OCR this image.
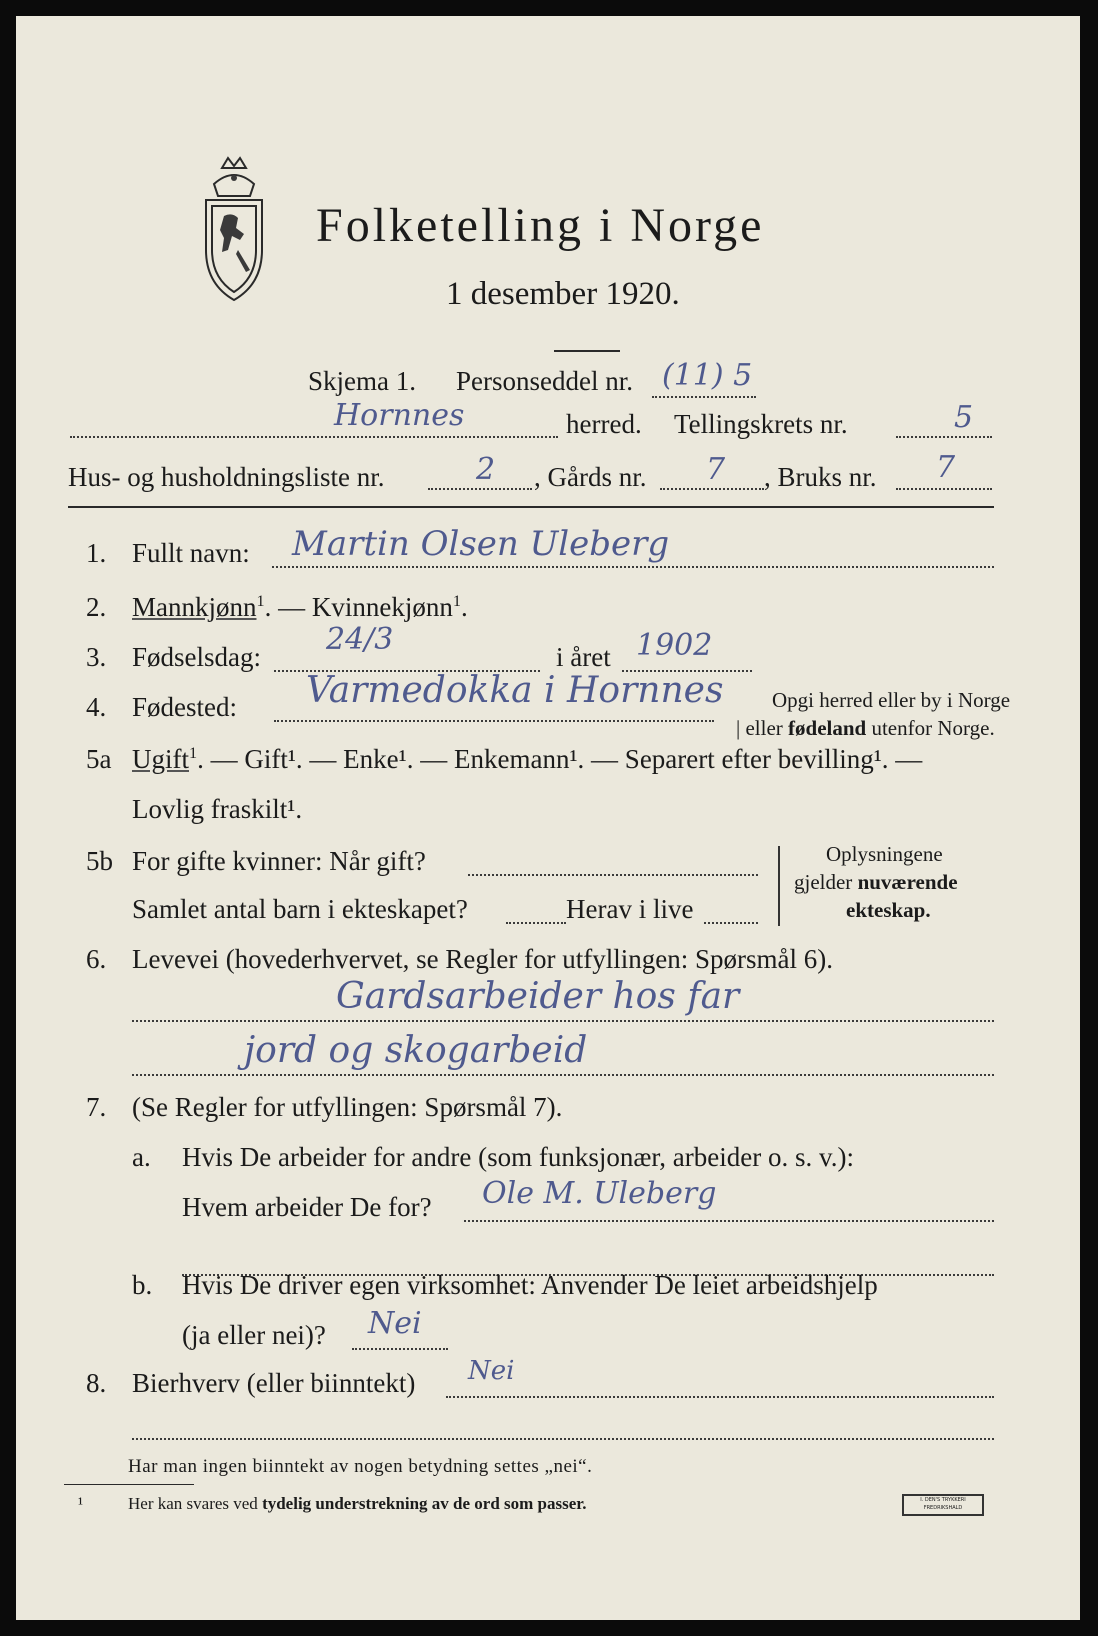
Folketelling i Norge
1 desember 1920.
Skjema 1. Personseddel nr. (11) 5
Hornnes	herred. Tellingskrets nr.	5
Hus- og husholdningsliste nr.	2 , Gårds nr. 7 , Bruks nr. 7
1. Fullt navn: Martin Olsen Uleberg
2. Mannkjønn$^1$. — Kvinnekjønn$^1$.
3. Fødselsdag: 24/3	i året 1902
4. Fødested: Varmedokka i Hornnes Opgi herred eller by i Norge
| eller fødeland utenfor Norge.
5a Ugift$^1$. — Gift¹. — Enke¹. — Enkemann¹. — Separert efter bevilling¹. —
Lovlig fraskilt¹.
5b For gifte kvinner: Når gift?
Samlet antal barn i ekteskapet?	Herav i live
Oplysningene
gjelder nuværende
ekteskap.
6. Levevei (hovederhvervet, se Regler for utfyllingen: Spørsmål 6).
Gardsarbeider hos far
jord og skogarbeid
7. (Se Regler for utfyllingen: Spørsmål 7).
a. Hvis De arbeider for andre (som funksjonær, arbeider o. s. v.):
Hvem arbeider De for? Ole M. Uleberg
b. Hvis De driver egen virksomhet: Anvender De leiet arbeidshjelp
(ja eller nei)? Nei
8. Bierhverv (eller biinntekt) Nei
Har man ingen biinntekt av nogen betydning settes „nei“.
¹	Her kan svares ved tydelig understrekning av de ord som passer.	I. DEN'S TRYKKERI FREDRIKSHALD
